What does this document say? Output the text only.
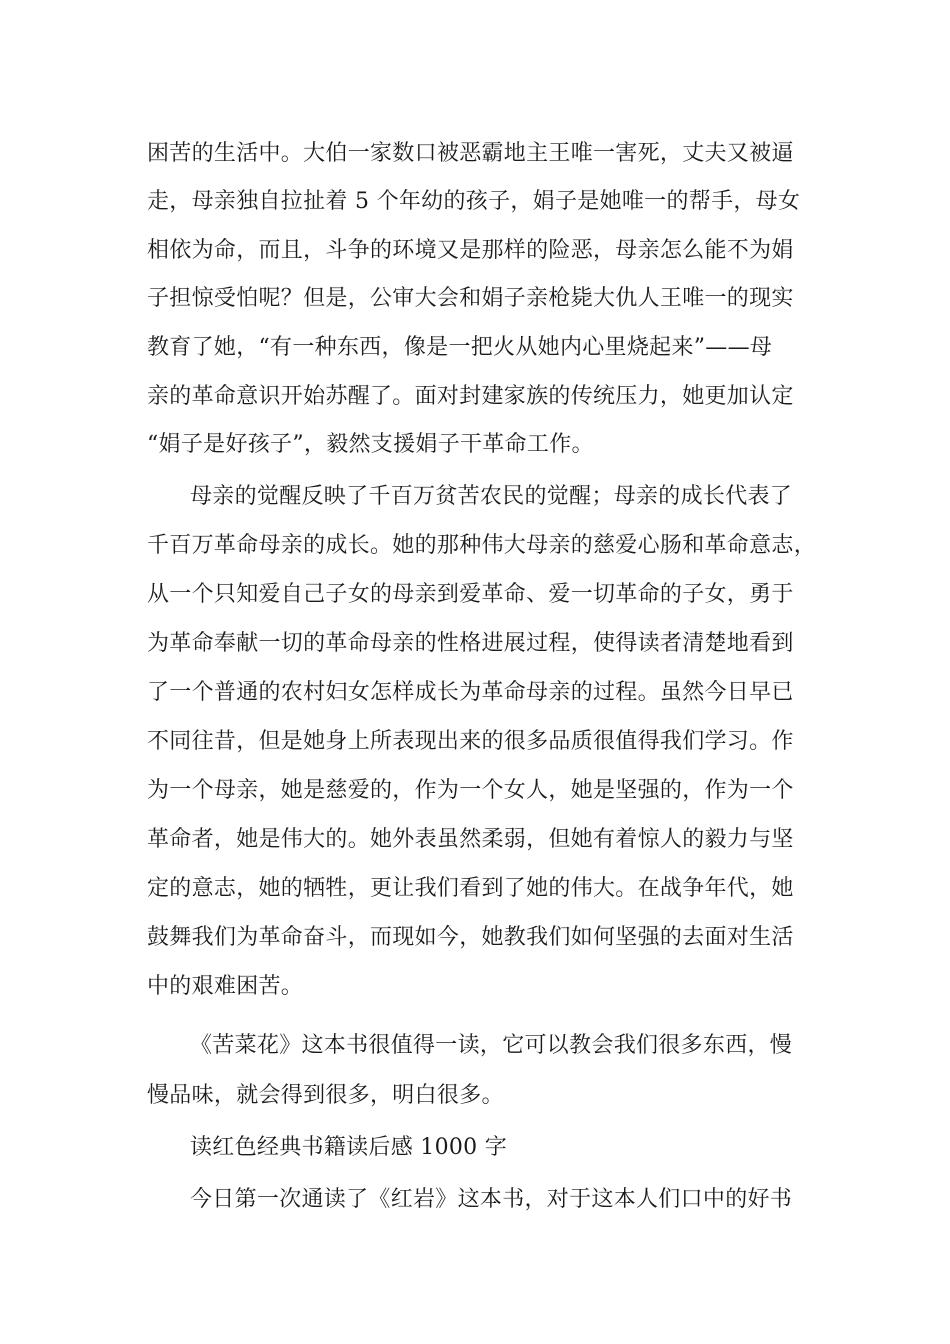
困苦的生活中。大伯一家数口被恶霸地主王唯一害死，丈夫又被逼
走，母亲独自拉扯着 5 个年幼的孩子，娟子是她唯一的帮手，母女
相依为命，而且，斗争的环境又是那样的险恶，母亲怎么能不为娟
子担惊受怕呢？但是，公审大会和娟子亲枪毙大仇人王唯一的现实
教育了她，“有一种东西，像是一把火从她内心里烧起来”——母
亲的革命意识开始苏醒了。面对封建家族的传统压力，她更加认定
“娟子是好孩子”，毅然支援娟子干革命工作。
母亲的觉醒反映了千百万贫苦农民的觉醒；母亲的成长代表了
千百万革命母亲的成长。她的那种伟大母亲的慈爱心肠和革命意志，
从一个只知爱自己子女的母亲到爱革命、爱一切革命的子女，勇于
为革命奉献一切的革命母亲的性格进展过程，使得读者清楚地看到
了一个普通的农村妇女怎样成长为革命母亲的过程。虽然今日早已
不同往昔，但是她身上所表现出来的很多品质很值得我们学习。作
为一个母亲，她是慈爱的，作为一个女人，她是坚强的，作为一个
革命者，她是伟大的。她外表虽然柔弱，但她有着惊人的毅力与坚
定的意志，她的牺牲，更让我们看到了她的伟大。在战争年代，她
鼓舞我们为革命奋斗，而现如今，她教我们如何坚强的去面对生活
中的艰难困苦。
《苦菜花》这本书很值得一读，它可以教会我们很多东西，慢
慢品味，就会得到很多，明白很多。
读红色经典书籍读后感 1000 字
今日第一次通读了《红岩》这本书，对于这本人们口中的好书
